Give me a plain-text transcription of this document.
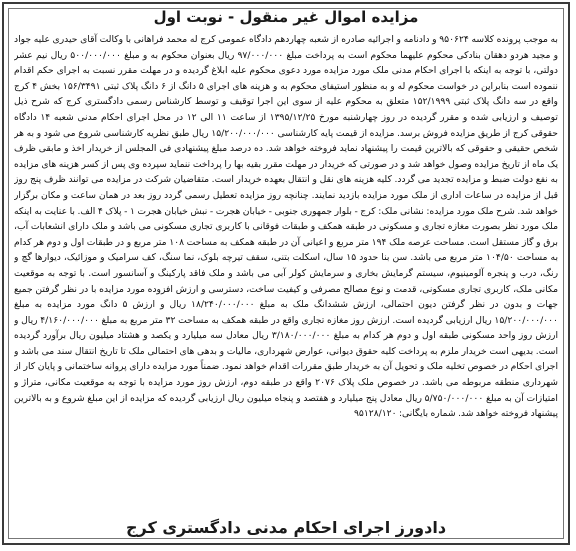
مزایده اموال غیر منقول - نوبت اول
به موجب پرونده کلاسه ۹۵۰۶۲۴ و دادنامه و اجرائیه صادره از شعبه چهاردهم دادگاه عمومی کرج له محمد فراهانی با وکالت آقای حیدری علیه جواد و مجید هردو دهقان بنادکی محکوم علیهما محکوم است به پرداخت مبلغ ۹۷/۰۰۰/۰۰۰ ریال بعنوان محکوم به و مبلغ ۵۰۰/۰۰۰/۰۰۰ ریال نیم عشر دولتی، با توجه به اینکه با اجرای احکام مدنی ملک مورد مزایده مورد دعوی محکوم علیه ابلاغ گردیده و در مهلت مقرر نسبت به اجرای حکم اقدام ننموده است بنابراین در خواست محکوم له و به منظور استیفای محکوم به و هزینه های اجرای ۵ دانگ از ۶ دانگ پلاک ثبتی ۱۵۶/۳۴۹۱ بخش ۴ کرج واقع در سه دانگ پلاک ثبتی ۱۵۲/۱۹۹۹ متعلق به محکوم علیه از سوی این اجرا توقیف و توسط کارشناس رسمی دادگستری کرج که شرح ذیل توصیف و ارزیابی شده و مقرر گردیده در روز چهارشنبه مورخ ۱۳۹۵/۱۲/۲۵ از ساعت ۱۱ الی ۱۲ در محل اجرای احکام مدنی شعبه ۱۴ دادگاه حقوقی کرج از طریق مزایده فروش برسد. مزایده از قیمت پایه کارشناسی ۱۵/۲۰۰/۰۰۰/۰۰۰ ریال طبق نظریه کارشناسی شروع می شود و به هر شخص حقیقی و حقوقی که بالاترین قیمت را پیشنهاد نماید فروخته خواهد شد. ده درصد مبلغ پیشنهادی فی المجلس از خریدار اخذ و مابقی ظرف یک ماه از تاریخ مزایده وصول خواهد شد و در صورتی که خریدار در مهلت مقرر بقیه بها را پرداخت ننماید سپرده وی پس از کسر هزینه های مزایده به نفع دولت ضبط و مزایده تجدید می گردد. کلیه هزینه های نقل و انتقال بعهده خریدار است. متقاضیان شرکت در مزایده می توانند ظرف پنج روز قبل از مزایده در ساعات اداری از ملک مورد مزایده بازدید نمایند. چنانچه روز مزایده تعطیل رسمی گردد روز بعد در همان ساعت و مکان برگزار خواهد شد. شرح ملک مورد مزایده: نشانی ملک: کرج - بلوار جمهوری جنوبی - خیابان هجرت - نبش خیابان هجرت ۱ - پلاک ۴ الف. با عنایت به اینکه ملک مورد نظر بصورت مغازه تجاری و مسکونی در طبقه همکف و طبقات فوقانی با کاربری تجاری مسکونی می باشد و ملک دارای انشعابات آب، برق و گاز مستقل است. مساحت عرصه ملک ۱۹۴ متر مربع و اعیانی آن در طبقه همکف به مساحت ۱۰۸ متر مربع و در طبقات اول و دوم هر کدام به مساحت ۱۰۴/۵۰ متر مربع می باشد. سن بنا حدود ۱۵ سال، اسکلت بتنی، سقف تیرچه بلوک، نما سنگ، کف سرامیک و موزائیک، دیوارها گچ و رنگ، درب و پنجره آلومینیوم، سیستم گرمایش بخاری و سرمایش کولر آبی می باشد و ملک فاقد پارکینگ و آسانسور است. با توجه به موقعیت مکانی ملک، کاربری تجاری مسکونی، قدمت و نوع مصالح مصرفی و کیفیت ساخت، دسترسی و ارزش افزوده مورد مزایده با در نظر گرفتن جمیع جهات و بدون در نظر گرفتن دیون احتمالی، ارزش ششدانگ ملک به مبلغ ۱۸/۲۴۰/۰۰۰/۰۰۰ ریال و ارزش ۵ دانگ مورد مزایده به مبلغ ۱۵/۲۰۰/۰۰۰/۰۰۰ ریال ارزیابی گردیده است. ارزش روز مغازه تجاری واقع در طبقه همکف به مساحت ۳۲ متر مربع به مبلغ ۴/۱۶۰/۰۰۰/۰۰۰ ریال و ارزش روز واحد مسکونی طبقه اول و دوم هر کدام به مبلغ ۳/۱۸۰/۰۰۰/۰۰۰ ریال معادل سه میلیارد و یکصد و هشتاد میلیون ریال برآورد گردیده است. بدیهی است خریدار ملزم به پرداخت کلیه حقوق دیوانی، عوارض شهرداری، مالیات و بدهی های احتمالی ملک تا تاریخ انتقال سند می باشد و اجرای احکام در خصوص تخلیه ملک و تحویل آن به خریدار طبق مقررات اقدام خواهد نمود. ضمناً مورد مزایده دارای پروانه ساختمانی و پایان کار از شهرداری منطقه مربوطه می باشد. در خصوص ملک پلاک ۲۰۷۶ واقع در طبقه دوم، ارزش روز مورد مزایده با توجه به موقعیت مکانی، متراژ و امتیازات آن به مبلغ ۵/۷۵۰/۰۰۰/۰۰۰ ریال معادل پنج میلیارد و هفتصد و پنجاه میلیون ریال ارزیابی گردیده که مزایده از این مبلغ شروع و به بالاترین پیشنهاد فروخته خواهد شد. شماره بایگانی: ۹۵۱۲۸/۱۲۰
دادورز اجرای احکام مدنی دادگستری کرج
